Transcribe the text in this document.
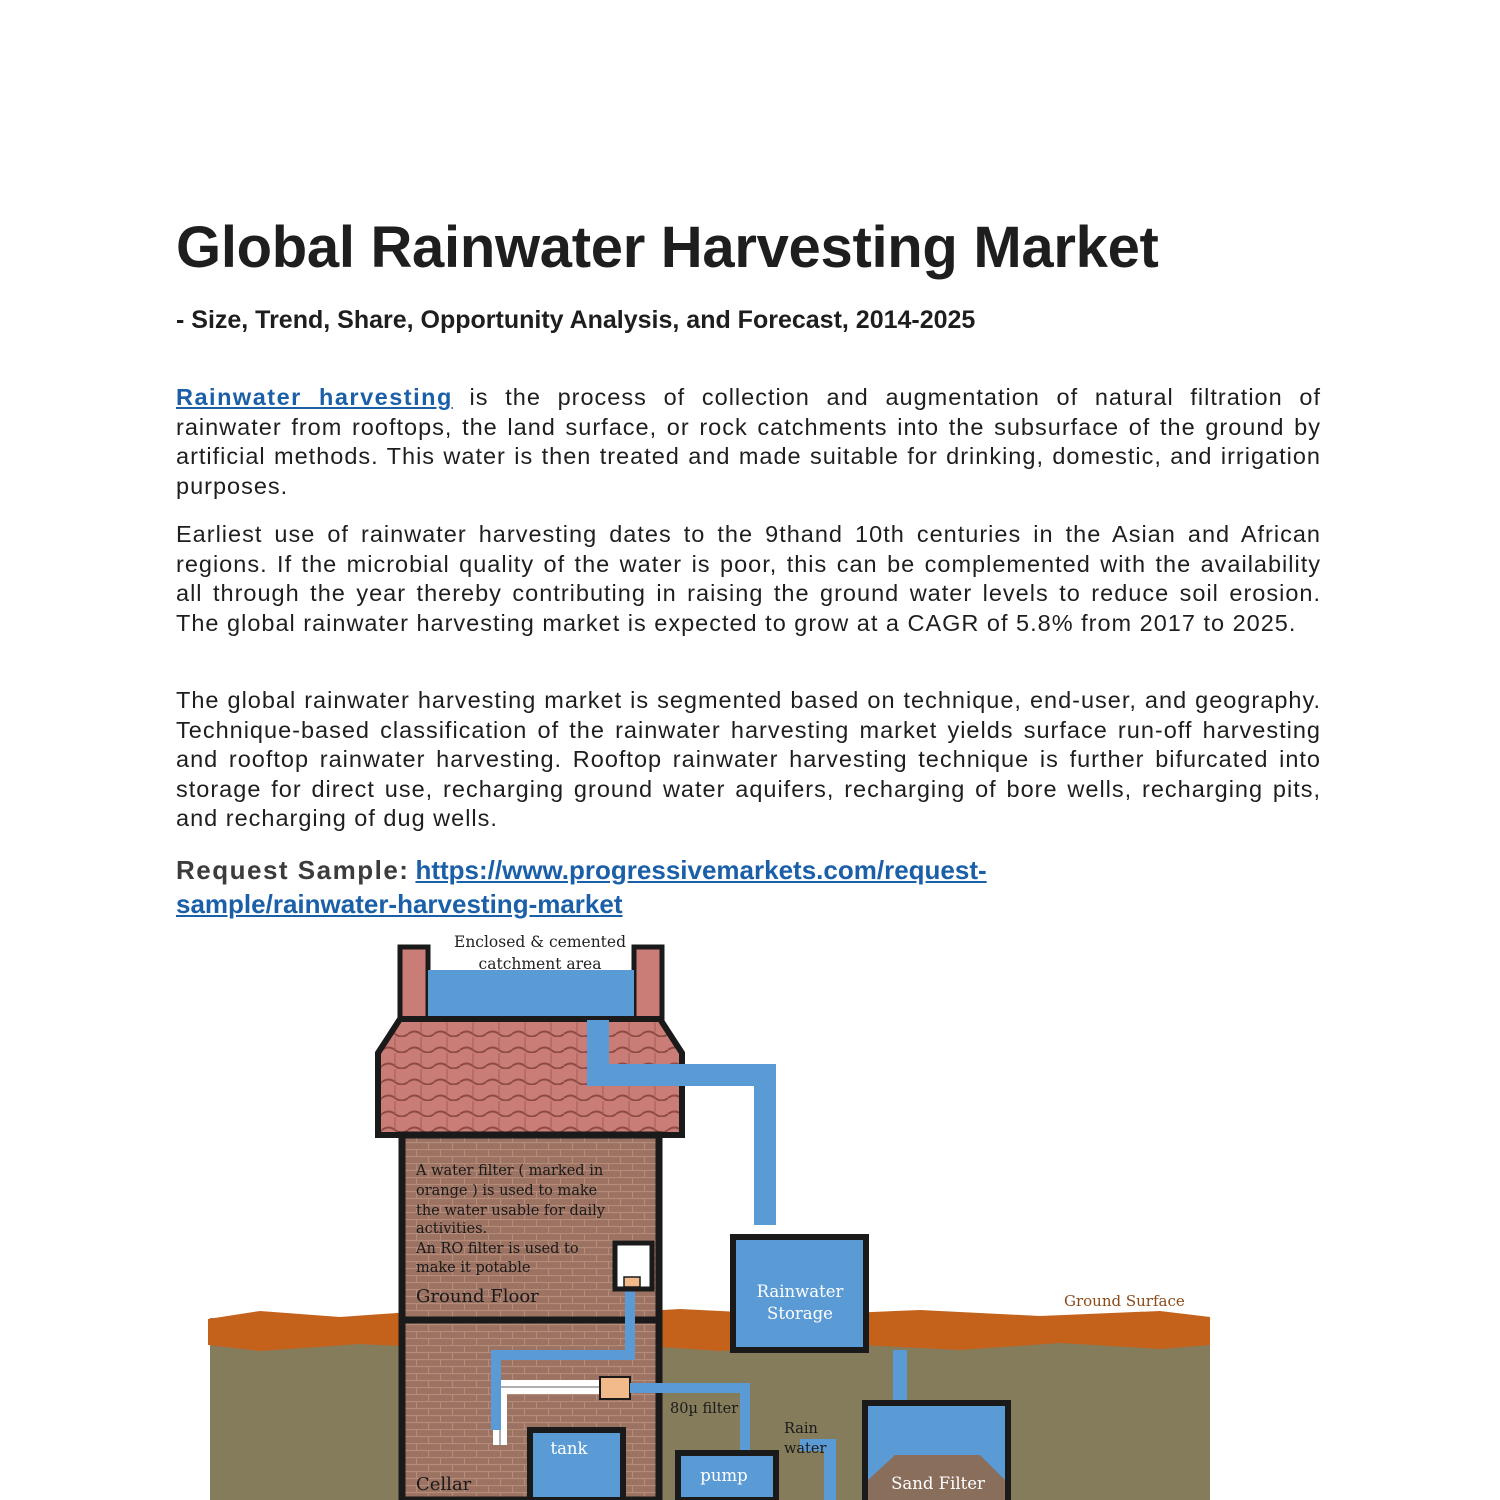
Global Rainwater Harvesting Market
- Size, Trend, Share, Opportunity Analysis, and Forecast, 2014-2025

Rainwater harvesting is the process of collection and augmentation of natural filtration of rainwater from rooftops, the land surface, or rock catchments into the subsurface of the ground by artificial methods. This water is then treated and made suitable for drinking, domestic, and irrigation purposes.

Earliest use of rainwater harvesting dates to the 9thand 10th centuries in the Asian and African regions. If the microbial quality of the water is poor, this can be complemented with the availability all through the year thereby contributing in raising the ground water levels to reduce soil erosion. The global rainwater harvesting market is expected to grow at a CAGR of 5.8% from 2017 to 2025.

The global rainwater harvesting market is segmented based on technique, end-user, and geography. Technique-based classification of the rainwater harvesting market yields surface run-off harvesting and rooftop rainwater harvesting. Rooftop rainwater harvesting technique is further bifurcated into storage for direct use, recharging ground water aquifers, recharging of bore wells, recharging pits, and recharging of dug wells.

Request Sample: https://www.progressivemarkets.com/request-sample/rainwater-harvesting-market

Enclosed & cemented
catchment area
A water filter ( marked in
orange ) is used to make
the water usable for daily
activities.
An RO filter is used to
make it potable
Ground Floor
Cellar
Rainwater
Storage
Ground Surface
80µ filter
Rain
water
tank
pump	Sand Filter
